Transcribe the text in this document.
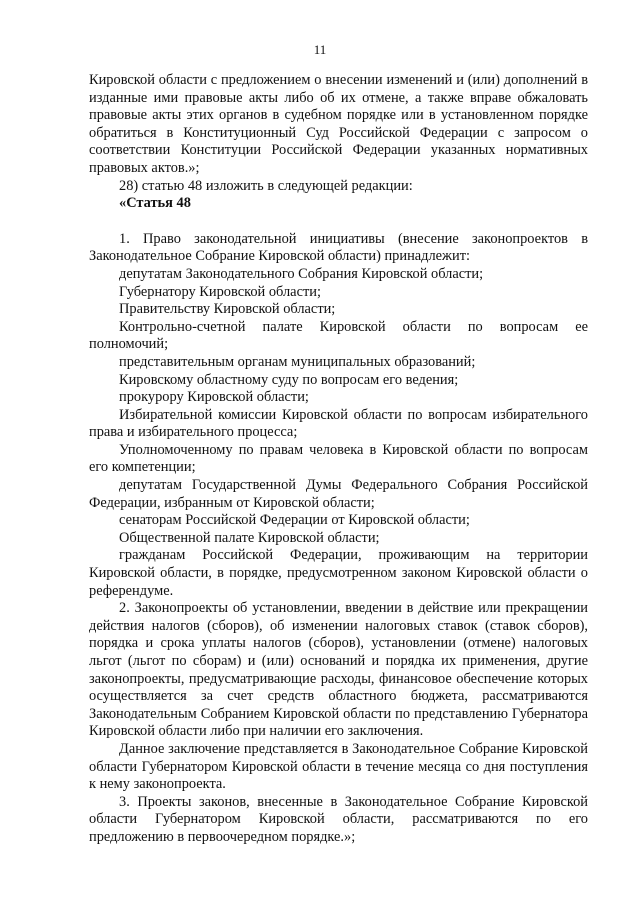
11

Кировской области с предложением о внесении изменений и (или) дополнений в изданные ими правовые акты либо об их отмене, а также вправе обжаловать правовые акты этих органов в судебном порядке или в установленном порядке обратиться в Конституционный Суд Российской Федерации с запросом о соответствии Конституции Российской Федерации указанных нормативных правовых актов.»;

28) статью 48 изложить в следующей редакции:

«Статья 48

1. Право законодательной инициативы (внесение законопроектов в Законодательное Собрание Кировской области) принадлежит:

депутатам Законодательного Собрания Кировской области;

Губернатору Кировской области;

Правительству Кировской области;

Контрольно-счетной палате Кировской области по вопросам ее полномочий;

представительным органам муниципальных образований;

Кировскому областному суду по вопросам его ведения;

прокурору Кировской области;

Избирательной комиссии Кировской области по вопросам избирательного права и избирательного процесса;

Уполномоченному по правам человека в Кировской области по вопросам его компетенции;

депутатам Государственной Думы Федерального Собрания Российской Федерации, избранным от Кировской области;

сенаторам Российской Федерации от Кировской области;

Общественной палате Кировской области;

гражданам Российской Федерации, проживающим на территории Кировской области, в порядке, предусмотренном законом Кировской области о референдуме.

2. Законопроекты об установлении, введении в действие или прекращении действия налогов (сборов), об изменении налоговых ставок (ставок сборов), порядка и срока уплаты налогов (сборов), установлении (отмене) налоговых льгот (льгот по сборам) и (или) оснований и порядка их применения, другие законопроекты, предусматривающие расходы, финансовое обеспечение которых осуществляется за счет средств областного бюджета, рассматриваются Законодательным Собранием Кировской области по представлению Губернатора Кировской области либо при наличии его заключения.

Данное заключение представляется в Законодательное Собрание Кировской области Губернатором Кировской области в течение месяца со дня поступления к нему законопроекта.

3. Проекты законов, внесенные в Законодательное Собрание Кировской области Губернатором Кировской области, рассматриваются по его предложению в первоочередном порядке.»;
